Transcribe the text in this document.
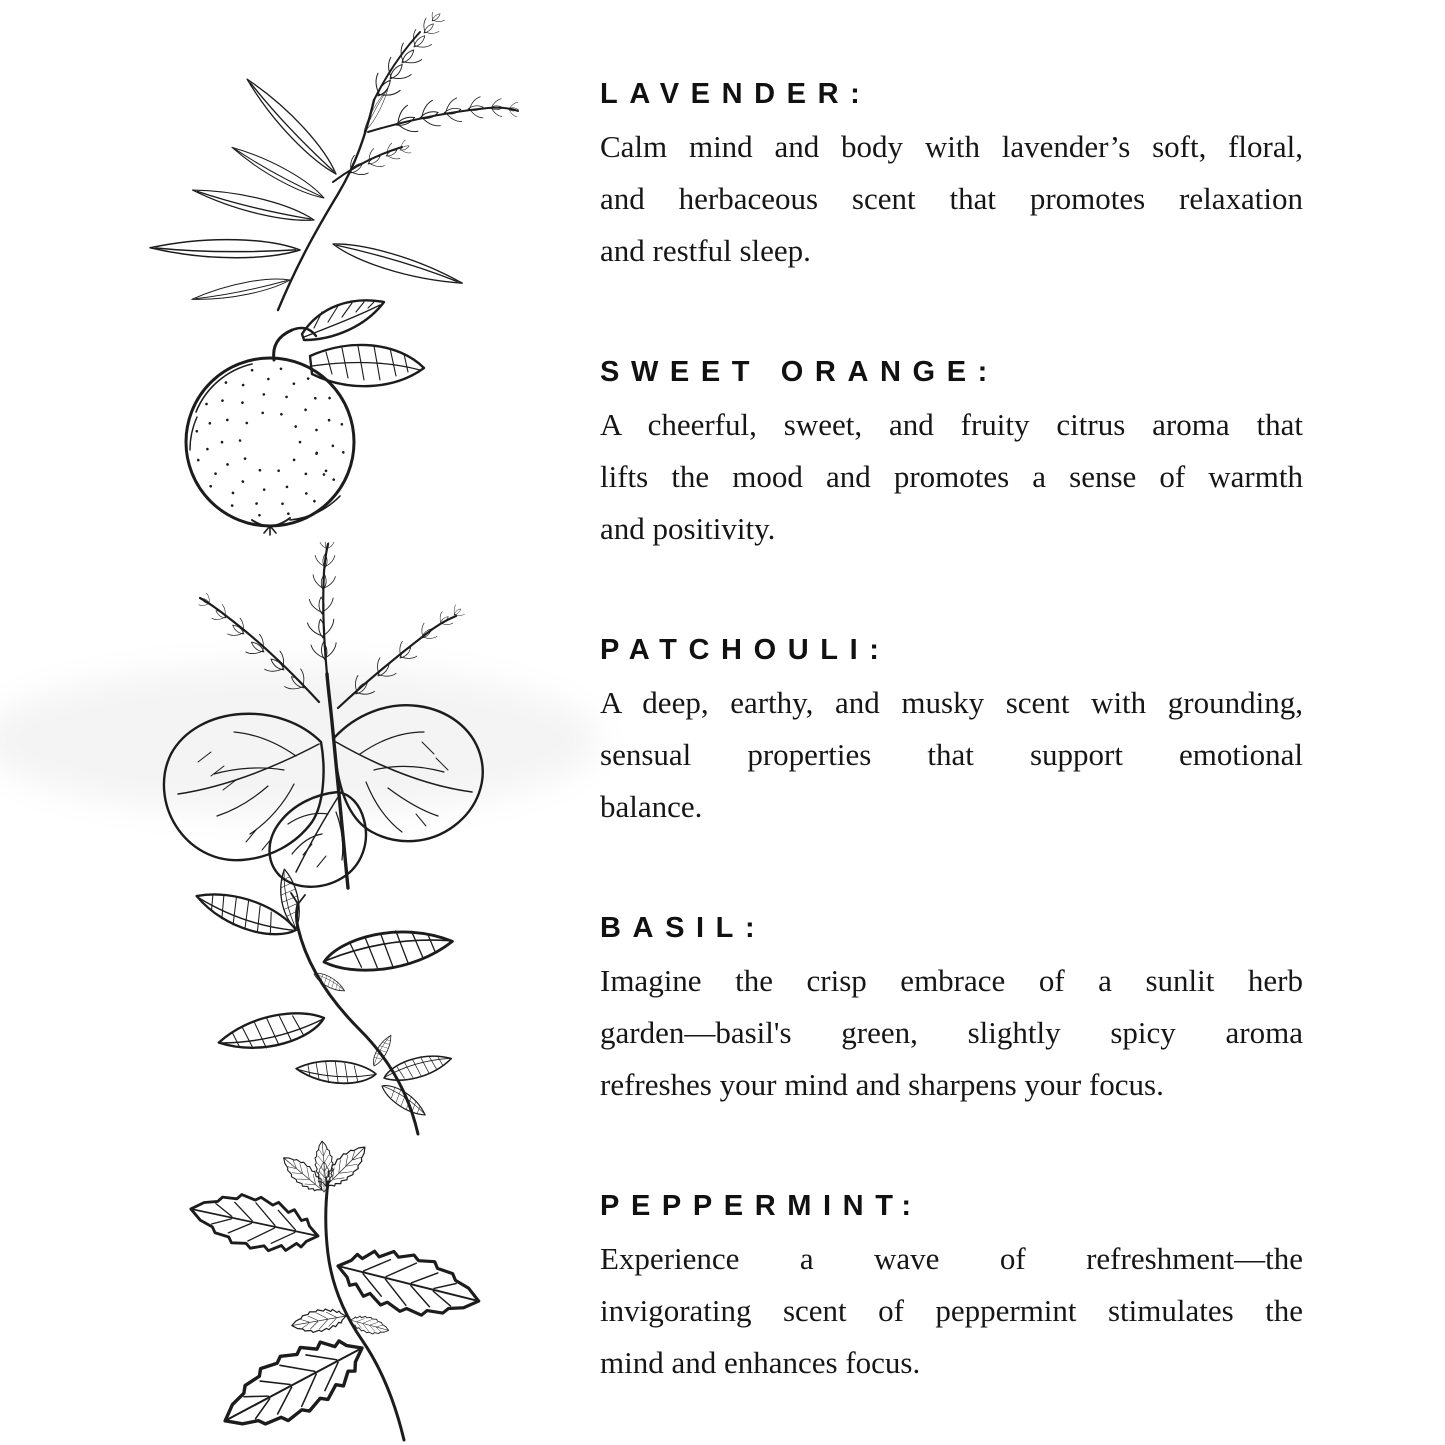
LAVENDER:
Calm mind and body with lavender’s soft, floral,
and herbaceous scent that promotes relaxation
and restful sleep.
SWEET ORANGE:
A cheerful, sweet, and fruity citrus aroma that
lifts the mood and promotes a sense of warmth
and positivity.
PATCHOULI:
A deep, earthy, and musky scent with grounding,
sensual properties that support emotional
balance.
BASIL:
Imagine the crisp embrace of a sunlit herb
garden—basil's green, slightly spicy aroma
refreshes your mind and sharpens your focus.
PEPPERMINT:
Experience a wave of refreshment—the
invigorating scent of peppermint stimulates the
mind and enhances focus.
